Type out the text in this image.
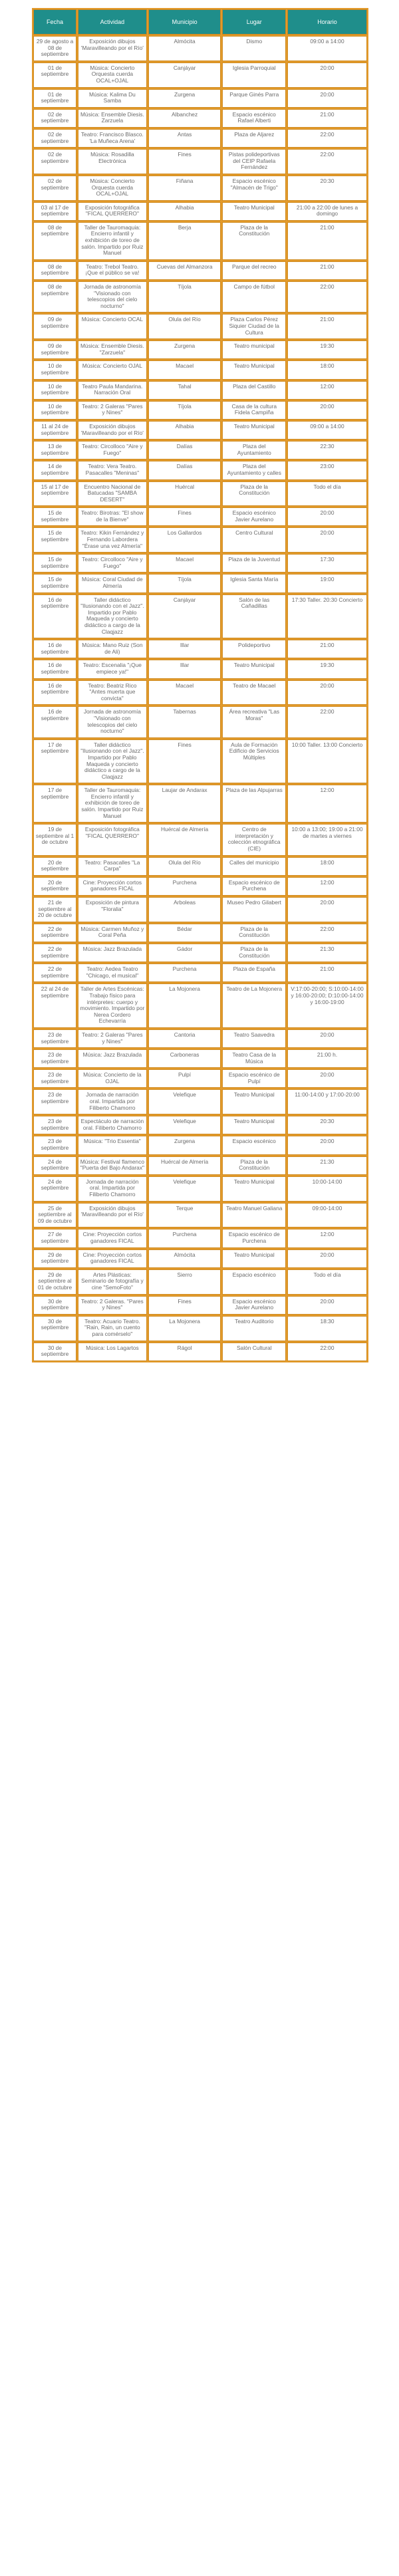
Fecha	Actividad	Municipio	Lugar	Horario
29 de agosto a 08 de septiembre	Exposición dibujos 'Maravilleando por el Río'	Almócita	Dismo	09:00 a 14:00
01 de septiembre	Música: Concierto Orquesta cuerda OCAL+OJAL	Canjáyar	Iglesia Parroquial	20:00
01 de septiembre	Música: Kalima Du Samba	Zurgena	Parque Ginés Parra	20:00
02 de septiembre	Música: Ensemble Diesis. Zarzuela	Albanchez	Espacio escénico Rafael Alberti	21:00
02 de septiembre	Teatro: Francisco Blasco. 'La Muñeca Arena'	Antas	Plaza de Aljarez	22:00
02 de septiembre	Música: Rosadilla Electrónica	Fines	Pistas polideportivas del CEIP Rafaela Fernández	22:00
02 de septiembre	Música: Concierto Orquesta cuerda OCAL+OJAL	Fiñana	Espacio escénico "Almacén de Trigo"	20:30
03 al 17 de septiembre	Exposición fotográfica "FICAL QUERRERO"	Alhabia	Teatro Municipal	21:00 a 22:00 de lunes a domingo
08 de septiembre	Taller de Tauromaquia: Encierro infantil y exhibición de toreo de salón. Impartido por Ruiz Manuel	Berja	Plaza de la Constitución	21:00
08 de septiembre	Teatro: Trebol Teatro. ¡Que el público se va!	Cuevas del Almanzora	Parque del recreo	21:00
08 de septiembre	Jornada de astronomía "Visionado con telescopios del cielo nocturno"	Tíjola	Campo de fútbol	22:00
09 de septiembre	Música: Concierto OCAL	Olula del Río	Plaza Carlos Pérez Siquier Ciudad de la Cultura	21:00
09 de septiembre	Música: Ensemble Diesis. "Zarzuela"	Zurgena	Teatro municipal	19:30
10 de septiembre	Música: Concierto OJAL	Macael	Teatro Municipal	18:00
10 de septiembre	Teatro Paula Mandarina. Narración Oral	Tahal	Plaza del Castillo	12:00
10 de septiembre	Teatro: 2 Galeras "Pares y Nines"	Tíjola	Casa de la cultura Fidela Campiña	20:00
11 al 24 de septiembre	Exposición dibujos 'Maravilleando por el Río'	Alhabia	Teatro Municipal	09:00 a 14:00
13 de septiembre	Teatro: Circolloco "Aire y Fuego"	Dalías	Plaza del Ayuntamiento	22:30
14 de septiembre	Teatro: Vera Teatro. Pasacalles "Meninas"	Dalías	Plaza del Ayuntamiento y calles	23:00
15 al 17 de septiembre	Encuentro Nacional de Batucadas "SAMBA DESERT"	Huércal	Plaza de la Constitución	Todo el día
15 de septiembre	Teatro: Birotras: "El show de la Bienve"	Fines	Espacio escénico Javier Aurelano	20:00
15 de septiembre	Teatro: Kikin Fernández y Fernando Labordera "Érase una vez Almería"	Los Gallardos	Centro Cultural	20:00
15 de septiembre	Teatro: Circolloco "Aire y Fuego"	Macael	Plaza de la Juventud	17:30
15 de septiembre	Música: Coral Ciudad de Almería	Tíjola	Iglesia Santa María	19:00
16 de septiembre	Taller didáctico "Ilusionando con el Jazz". Impartido por Pablo Maqueda y concierto didáctico a cargo de la Claqjazz	Canjáyar	Salón de las Cañadillas	17:30 Taller. 20:30 Concierto
16 de septiembre	Música: Mano Ruiz (Son de Ali)	Illar	Polideportivo	21:00
16 de septiembre	Teatro: Escenalia "¡Que empiece ya!"	Illar	Teatro Municipal	19:30
16 de septiembre	Teatro: Beatriz Rico "Antes muerta que convicta"	Macael	Teatro de Macael	20:00
16 de septiembre	Jornada de astronomía "Visionado con telescopios del cielo nocturno"	Tabernas	Área recreativa "Las Moras"	22:00
17 de septiembre	Taller didáctico "Ilusionando con el Jazz". Impartido por Pablo Maqueda y concierto didáctico a cargo de la Claqjazz	Fines	Aula de Formación Edificio de Servicios Múltiples	10:00 Taller. 13:00 Concierto
17 de septiembre	Taller de Tauromaquia: Encierro infantil y exhibición de toreo de salón. Impartido por Ruiz Manuel	Laujar de Andarax	Plaza de las Alpujarras	12:00
19 de septiembre al 1 de octubre	Exposición fotográfica "FICAL QUERRERO"	Huércal de Almería	Centro de interpretación y colección etnográfica (CIE)	10:00 a 13:00; 19:00 a 21:00 de martes a viernes
20 de septiembre	Teatro: Pasacalles "La Carpa"	Olula del Río	Calles del municipio	18:00
20 de septiembre	Cine: Proyección cortos ganadores FICAL	Purchena	Espacio escénico de Purchena	12:00
21 de septiembre al 20 de octubre	Exposición de pintura "Floralia"	Arboleas	Museo Pedro Gilabert	20:00
22 de septiembre	Música: Carmen Muñoz y Coral Peña	Bédar	Plaza de la Constitución	22:00
22 de septiembre	Música: Jazz Brazulada	Gádor	Plaza de la Constitución	21:30
22 de septiembre	Teatro: Aedea Teatro "Chicago, el musical"	Purchena	Plaza de España	21:00
22 al 24 de septiembre	Taller de Artes Escénicas: Trabajo físico para intérpretes: cuerpo y movimiento. Impartido por Nerea Cordero Echevarría	La Mojonera	Teatro de La Mojonera	V:17:00-20:00; S:10:00-14:00 y 16:00-20:00; D:10:00-14:00 y 16:00-19:00
23 de septiembre	Teatro: 2 Galeras "Pares y Nines"	Cantoria	Teatro Saavedra	20:00
23 de septiembre	Música: Jazz Brazulada	Carboneras	Teatro Casa de la Música	21:00 h.
23 de septiembre	Música: Concierto de la OJAL	Pulpí	Espacio escénico de Pulpí	20:00
23 de septiembre	Jornada de narración oral. Impartida por Filiberto Chamorro	Velefique	Teatro Municipal	11:00-14:00 y 17:00-20:00
23 de septiembre	Espectáculo de narración oral. Filiberto Chamorro	Velefique	Teatro Municipal	20:30
23 de septiembre	Música: "Trio Essentia"	Zurgena	Espacio escénico	20:00
24 de septiembre	Música: Festival flamenco "Puerta del Bajo Andarax"	Huércal de Almería	Plaza de la Constitución	21:30
24 de septiembre	Jornada de narración oral. Impartida por Filiberto Chamorro	Velefique	Teatro Municipal	10:00-14:00
25 de septiembre al 09 de octubre	Exposición dibujos 'Maravilleando por el Río'	Terque	Teatro Manuel Galiana	09:00-14:00
27 de septiembre	Cine: Proyección cortos ganadores FICAL	Purchena	Espacio escénico de Purchena	12:00
29 de septiembre	Cine: Proyección cortos ganadores FICAL	Almócita	Teatro Municipal	20:00
29 de septiembre al 01 de octubre	Artes Plásticas: Seminario de fotografía y cine "SemoFoto"	Sierro	Espacio escénico	Todo el día
30 de septiembre	Teatro: 2 Galeras. "Pares y Nines"	Fines	Espacio escénico Javier Aurelano	20:00
30 de septiembre	Teatro: Acuario Teatro. "Rain, Rain, un cuento para comérselo"	La Mojonera	Teatro Auditorio	18:30
30 de septiembre	Música: Los Lagartos	Rágol	Salón Cultural	22:00
